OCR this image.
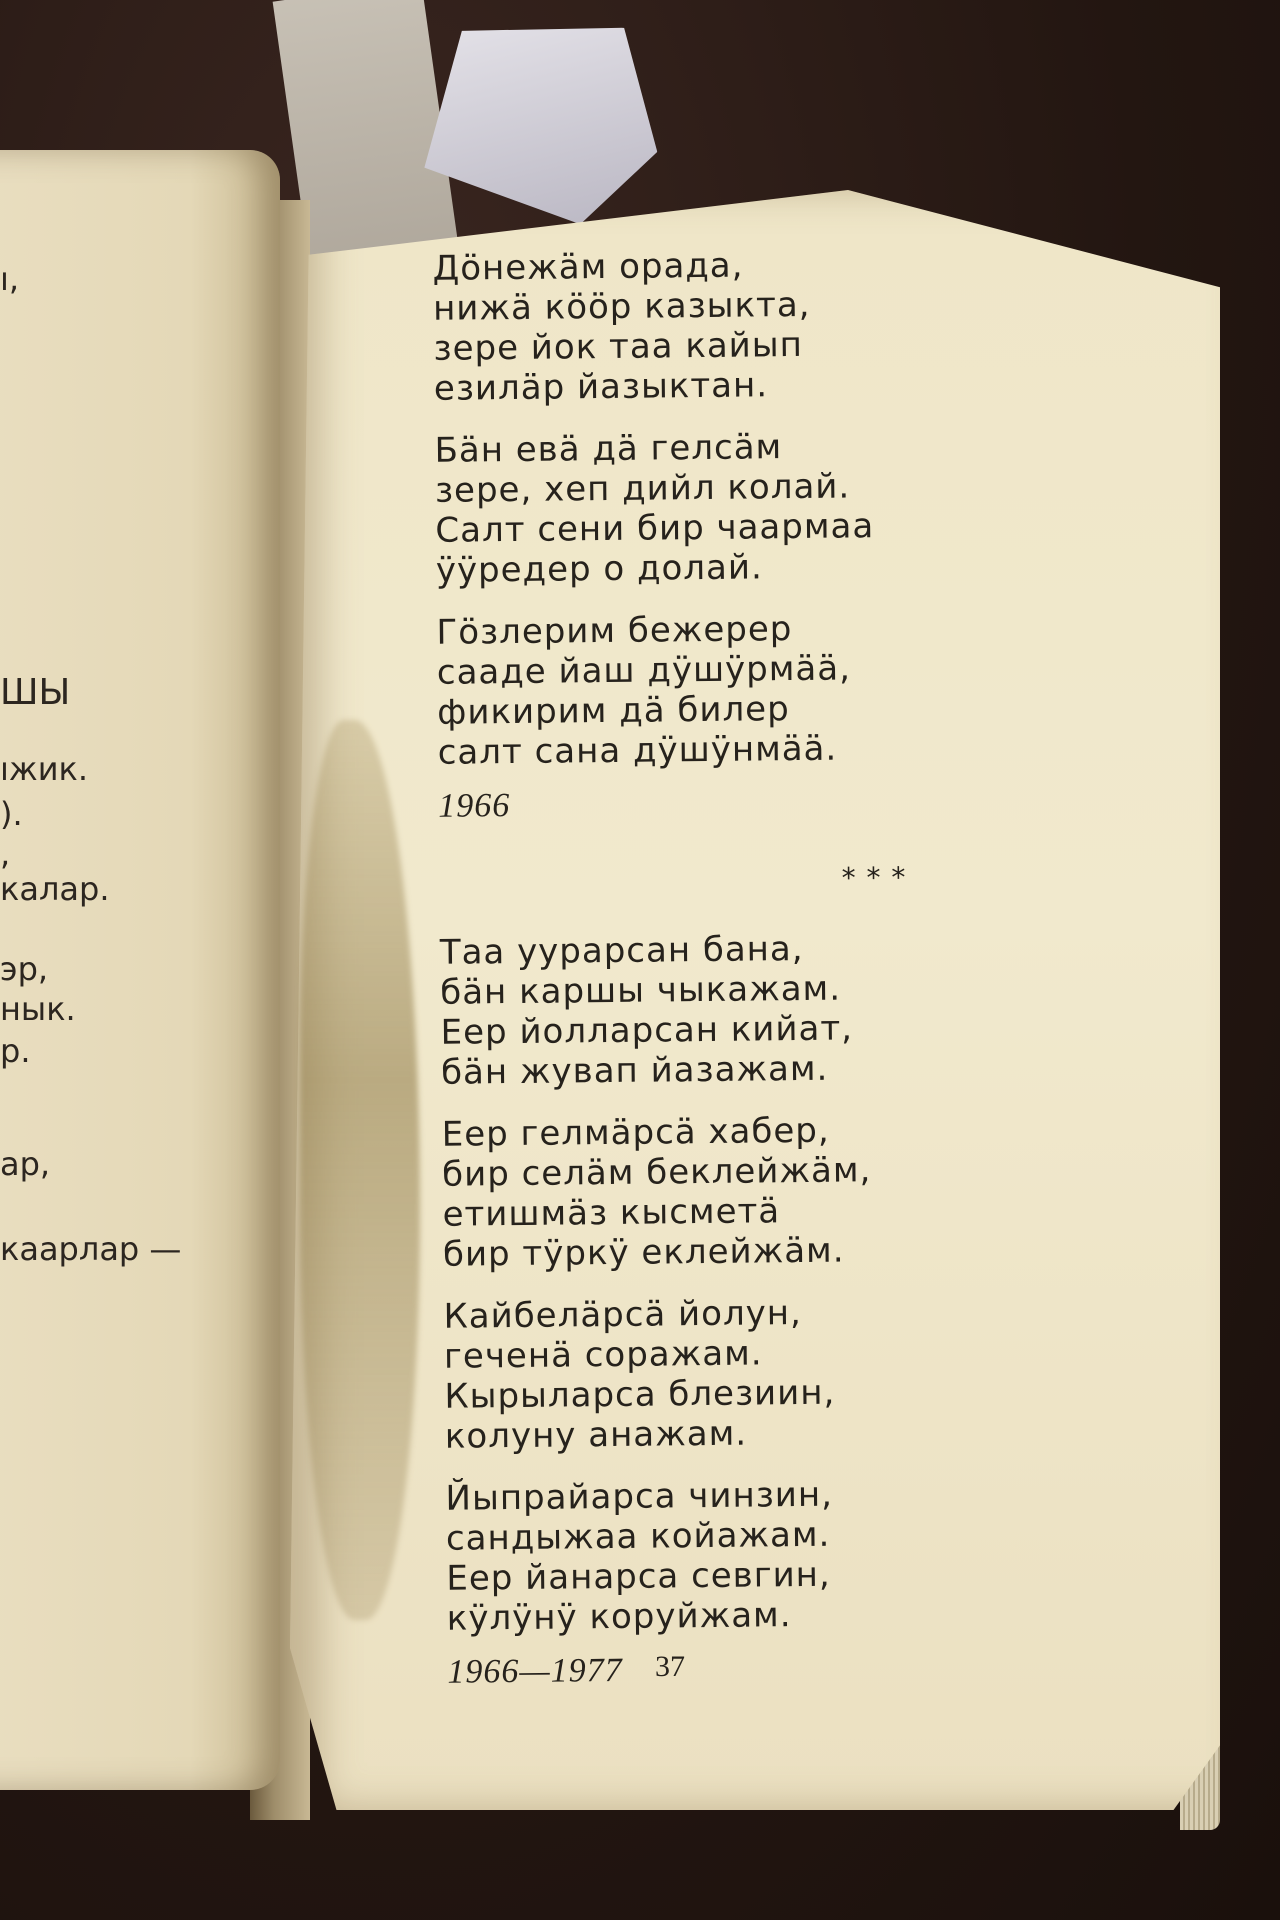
ı,
ШЫ
ıжик.
).
,
калар.
эр,
нык.
р.
ар,
каарлар —
Дӧнежӓм орада,
нижӓ кӧӧр казыкта,
зере йок таа кайып
езилӓр йазыктан.
Бӓн евӓ дӓ гелсӓм
зере, хеп дийл колай.
Салт сени бир чаармаа
ӱӱредер о долай.
Гӧзлерим бежерер
сааде йаш дӱшӱрмӓӓ,
фикирим дӓ билер
салт сана дӱшӱнмӓӓ.
1966
* * *
Таа уурарсан бана,
бӓн каршы чыкажам.
Еер йолларсан кийат,
бӓн жувап йазажам.
Еер гелмӓрсӓ хабер,
бир селӓм беклейжӓм,
етишмӓз кысметӓ
бир тӱркӱ еклейжӓм.
Кайбелӓрсӓ йолун,
геченӓ соражам.
Кырыларса блезиин,
колуну анажам.
Йыпрайарса чинзин,
сандыжаа койажам.
Еер йанарса севгин,
кӱлӱнӱ коруйжам.
1966—1977	37
